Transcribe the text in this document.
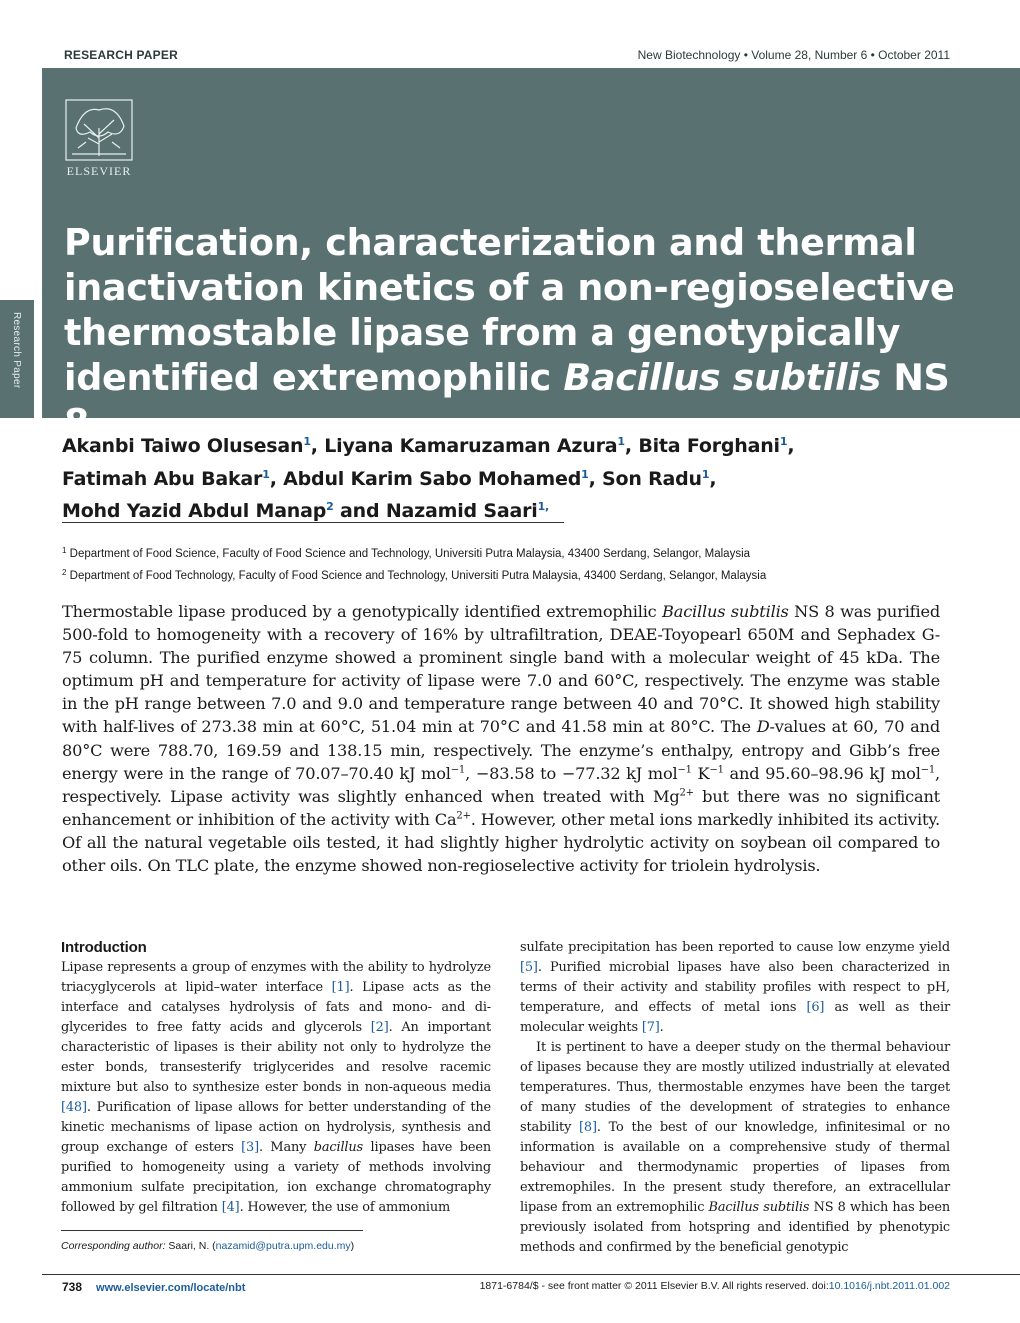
Research Paper
RESEARCH PAPER	New Biotechnology • Volume 28, Number 6 • October 2011
ELSEVIER
Purification, characterization and thermal
inactivation kinetics of a non-regioselective
thermostable lipase from a genotypically
identified extremophilic Bacillus subtilis NS 8
Akanbi Taiwo Olusesan$^1$, Liyana Kamaruzaman Azura$^1$, Bita Forghani$^1$,
Fatimah Abu Bakar$^1$, Abdul Karim Sabo Mohamed$^1$, Son Radu$^1$,
Mohd Yazid Abdul Manap$^2$ and Nazamid Saari$^{1,}$
$^1$ Department of Food Science, Faculty of Food Science and Technology, Universiti Putra Malaysia, 43400 Serdang, Selangor, Malaysia
$^2$ Department of Food Technology, Faculty of Food Science and Technology, Universiti Putra Malaysia, 43400 Serdang, Selangor, Malaysia

Thermostable lipase produced by a genotypically identified extremophilic Bacillus subtilis NS 8 was purified 500-fold to homogeneity with a recovery of 16% by ultrafiltration, DEAE-Toyopearl 650M and Sephadex G-75 column. The purified enzyme showed a prominent single band with a molecular weight of 45 kDa. The optimum pH and temperature for activity of lipase were 7.0 and 60°C, respectively. The enzyme was stable in the pH range between 7.0 and 9.0 and temperature range between 40 and 70°C. It showed high stability with half-lives of 273.38 min at 60°C, 51.04 min at 70°C and 41.58 min at 80°C. The D-values at 60, 70 and 80°C were 788.70, 169.59 and 138.15 min, respectively. The enzyme’s enthalpy, entropy and Gibb’s free energy were in the range of 70.07–70.40 kJ mol$^{-1}$, −83.58 to −77.32 kJ mol$^{-1}$ $K^{-1}$ and 95.60–98.96 kJ mol$^{-1}$, respectively. Lipase activity was slightly enhanced when treated with $Mg^{2+}$ but there was no significant enhancement or inhibition of the activity with $Ca^{2+}$. However, other metal ions markedly inhibited its activity. Of all the natural vegetable oils tested, it had slightly higher hydrolytic activity on soybean oil compared to other oils. On TLC plate, the enzyme showed non-regioselective activity for triolein hydrolysis.

Introduction

Lipase represents a group of enzymes with the ability to hydrolyze triacyglycerols at lipid–water interface [1]. Lipase acts as the interface and catalyses hydrolysis of fats and mono- and di-glycerides to free fatty acids and glycerols [2]. An important characteristic of lipases is their ability not only to hydrolyze the ester bonds, transesterify triglycerides and resolve racemic mixture but also to synthesize ester bonds in non-aqueous media [48]. Purification of lipase allows for better understanding of the kinetic mechanisms of lipase action on hydrolysis, synthesis and group exchange of esters [3]. Many bacillus lipases have been purified to homogeneity using a variety of methods involving ammonium sulfate precipitation, ion exchange chromatography followed by gel filtration [4]. However, the use of ammonium

sulfate precipitation has been reported to cause low enzyme yield [5]. Purified microbial lipases have also been characterized in terms of their activity and stability profiles with respect to pH, temperature, and effects of metal ions [6] as well as their molecular weights [7].

It is pertinent to have a deeper study on the thermal behaviour of lipases because they are mostly utilized industrially at elevated temperatures. Thus, thermostable enzymes have been the target of many studies of the development of strategies to enhance stability [8]. To the best of our knowledge, infinitesimal or no information is available on a comprehensive study of thermal behaviour and thermodynamic properties of lipases from extremophiles. In the present study therefore, an extracellular lipase from an extremophilic Bacillus subtilis NS 8 which has been previously isolated from hotspring and identified by phenotypic methods and confirmed by the beneficial genotypic

Corresponding author: Saari, N. (nazamid@putra.upm.edu.my)
738 www.elsevier.com/locate/nbt	1871-6784/$ - see front matter © 2011 Elsevier B.V. All rights reserved. doi:10.1016/j.nbt.2011.01.002
